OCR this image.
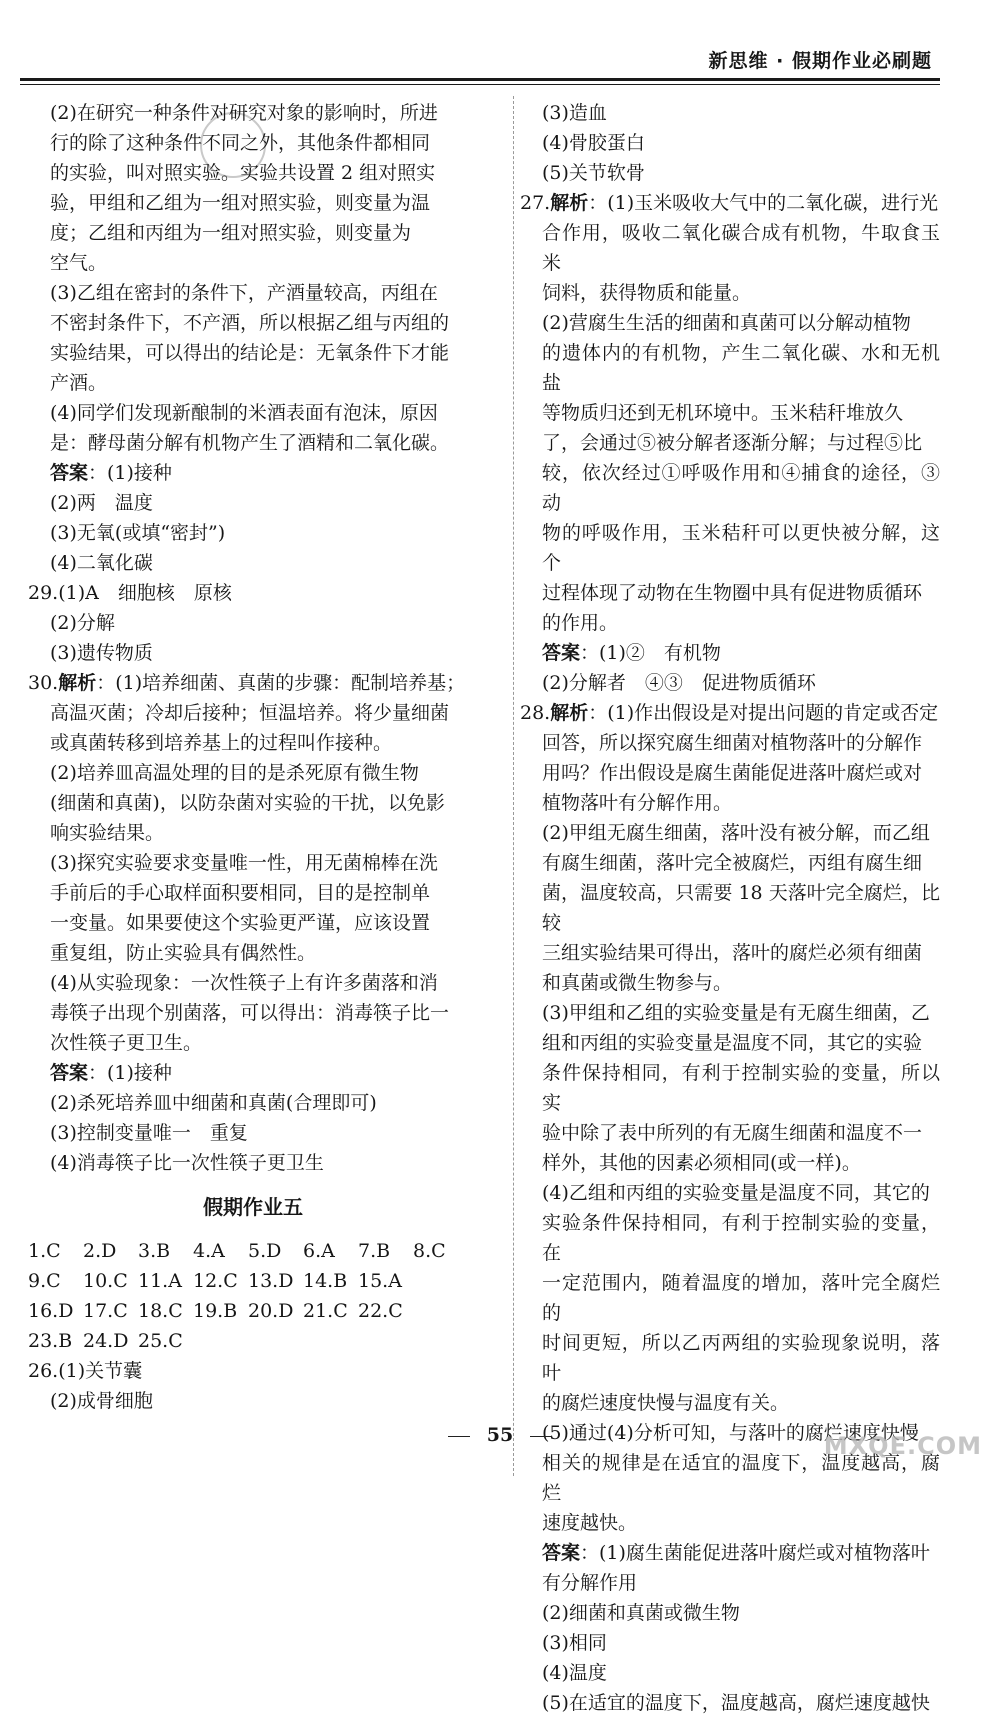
新思维 · 假期作业必刷题

(2)在研究一种条件对研究对象的影响时，所进

行的除了这种条件不同之外，其他条件都相同

的实验，叫对照实验。实验共设置 2 组对照实

验，甲组和乙组为一组对照实验，则变量为温

度；乙组和丙组为一组对照实验，则变量为

空气。

(3)乙组在密封的条件下，产酒量较高，丙组在

不密封条件下，不产酒，所以根据乙组与丙组的

实验结果，可以得出的结论是：无氧条件下才能

产酒。

(4)同学们发现新酿制的米酒表面有泡沫，原因

是：酵母菌分解有机物产生了酒精和二氧化碳。

答案：(1)接种

(2)两　温度

(3)无氧(或填“密封”)

(4)二氧化碳

29.(1)A　细胞核　原核

(2)分解

(3)遗传物质

30.解析：(1)培养细菌、真菌的步骤：配制培养基；

高温灭菌；冷却后接种；恒温培养。将少量细菌

或真菌转移到培养基上的过程叫作接种。

(2)培养皿高温处理的目的是杀死原有微生物

(细菌和真菌)，以防杂菌对实验的干扰，以免影

响实验结果。

(3)探究实验要求变量唯一性，用无菌棉棒在洗

手前后的手心取样面积要相同，目的是控制单

一变量。如果要使这个实验更严谨，应该设置

重复组，防止实验具有偶然性。

(4)从实验现象：一次性筷子上有许多菌落和消

毒筷子出现个别菌落，可以得出：消毒筷子比一

次性筷子更卫生。

答案：(1)接种

(2)杀死培养皿中细菌和真菌(合理即可)

(3)控制变量唯一　重复

(4)消毒筷子比一次性筷子更卫生

假期作业五
1.C	2.D	3.B	4.A	5.D	6.A	7.B	8.C
9.C	10.C 11.A 12.C 13.D 14.B 15.A
16.D 17.C 18.C 19.B 20.D 21.C 22.C
23.B 24.D 25.C

26.(1)关节囊

(2)成骨细胞

(3)造血

(4)骨胶蛋白

(5)关节软骨

27.解析：(1)玉米吸收大气中的二氧化碳，进行光

合作用，吸收二氧化碳合成有机物，牛取食玉米

饲料，获得物质和能量。

(2)营腐生生活的细菌和真菌可以分解动植物

的遗体内的有机物，产生二氧化碳、水和无机盐

等物质归还到无机环境中。玉米秸秆堆放久

了，会通过⑤被分解者逐渐分解；与过程⑤比

较，依次经过①呼吸作用和④捕食的途径，③动

物的呼吸作用，玉米秸秆可以更快被分解，这个

过程体现了动物在生物圈中具有促进物质循环

的作用。

答案：(1)②　有机物

(2)分解者　④③　促进物质循环

28.解析：(1)作出假设是对提出问题的肯定或否定

回答，所以探究腐生细菌对植物落叶的分解作

用吗？作出假设是腐生菌能促进落叶腐烂或对

植物落叶有分解作用。

(2)甲组无腐生细菌，落叶没有被分解，而乙组

有腐生细菌，落叶完全被腐烂，丙组有腐生细

菌，温度较高，只需要 18 天落叶完全腐烂，比较

三组实验结果可得出，落叶的腐烂必须有细菌

和真菌或微生物参与。

(3)甲组和乙组的实验变量是有无腐生细菌，乙

组和丙组的实验变量是温度不同，其它的实验

条件保持相同，有利于控制实验的变量，所以实

验中除了表中所列的有无腐生细菌和温度不一

样外，其他的因素必须相同(或一样)。

(4)乙组和丙组的实验变量是温度不同，其它的

实验条件保持相同，有利于控制实验的变量，在

一定范围内，随着温度的增加，落叶完全腐烂的

时间更短，所以乙丙两组的实验现象说明，落叶

的腐烂速度快慢与温度有关。

(5)通过(4)分析可知，与落叶的腐烂速度快慢

相关的规律是在适宜的温度下，温度越高，腐烂

速度越快。

答案：(1)腐生菌能促进落叶腐烂或对植物落叶

有分解作用

(2)细菌和真菌或微生物

(3)相同

(4)温度

(5)在适宜的温度下，温度越高，腐烂速度越快

55	MXQE.COM
